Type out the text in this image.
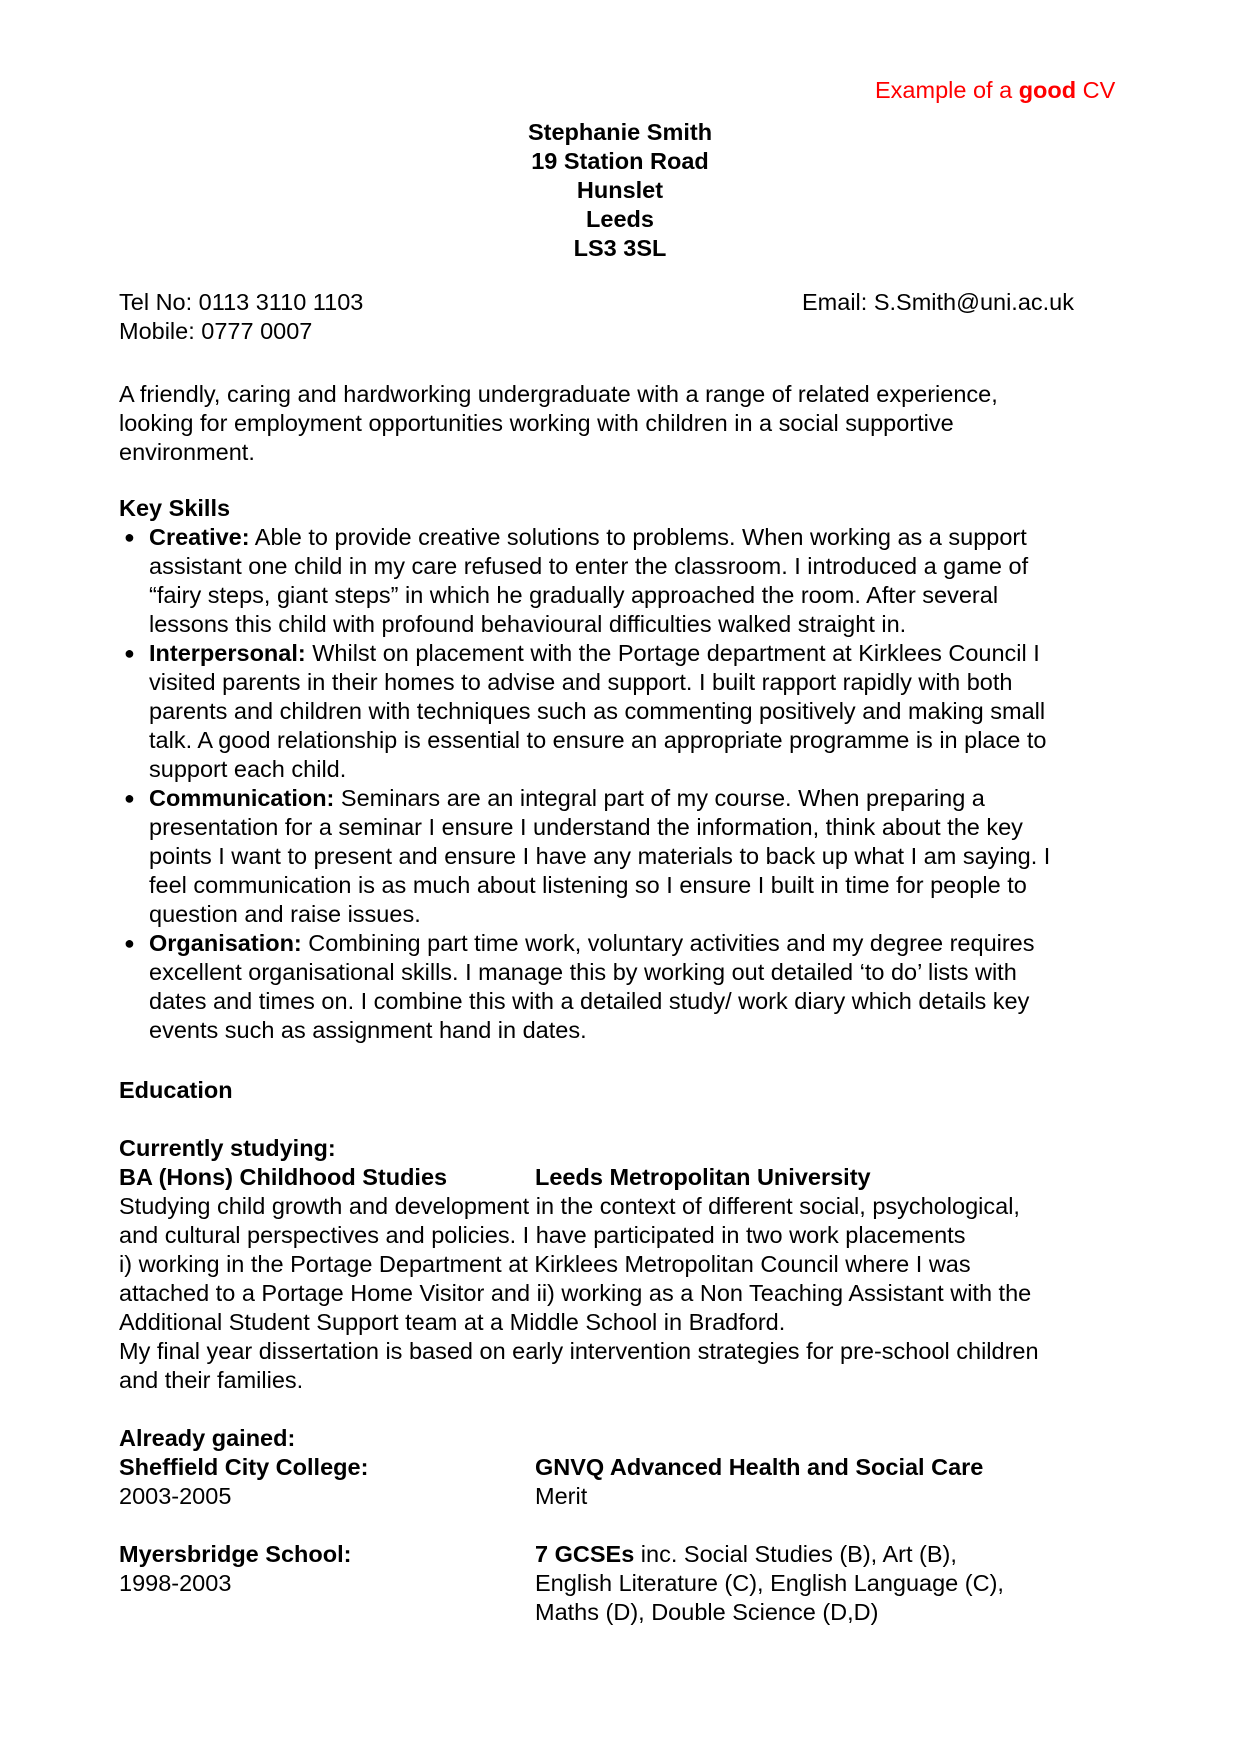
Example of a good CV
Stephanie Smith
19 Station Road
Hunslet
Leeds
LS3 3SL
Tel No: 0113 3110 1103	Email: S.Smith@uni.ac.uk
Mobile: 0777 0007
A friendly, caring and hardworking undergraduate with a range of related experience,
looking for employment opportunities working with children in a social supportive
environment.
Key Skills
● Creative: Able to provide creative solutions to problems. When working as a support
assistant one child in my care refused to enter the classroom. I introduced a game of
“fairy steps, giant steps” in which he gradually approached the room. After several
lessons this child with profound behavioural difficulties walked straight in.
● Interpersonal: Whilst on placement with the Portage department at Kirklees Council I
visited parents in their homes to advise and support. I built rapport rapidly with both
parents and children with techniques such as commenting positively and making small
talk. A good relationship is essential to ensure an appropriate programme is in place to
support each child.
● Communication: Seminars are an integral part of my course. When preparing a
presentation for a seminar I ensure I understand the information, think about the key
points I want to present and ensure I have any materials to back up what I am saying. I
feel communication is as much about listening so I ensure I built in time for people to
question and raise issues.
● Organisation: Combining part time work, voluntary activities and my degree requires
excellent organisational skills. I manage this by working out detailed ‘to do’ lists with
dates and times on. I combine this with a detailed study/ work diary which details key
events such as assignment hand in dates.
Education
Currently studying:
BA (Hons) Childhood Studies	Leeds Metropolitan University
Studying child growth and development in the context of different social, psychological,
and cultural perspectives and policies. I have participated in two work placements
i) working in the Portage Department at Kirklees Metropolitan Council where I was
attached to a Portage Home Visitor and ii) working as a Non Teaching Assistant with the
Additional Student Support team at a Middle School in Bradford.
My final year dissertation is based on early intervention strategies for pre-school children
and their families.
Already gained:
Sheffield City College:	GNVQ Advanced Health and Social Care
2003-2005	Merit
Myersbridge School:	7 GCSEs inc. Social Studies (B), Art (B),
1998-2003	English Literature (C), English Language (C),
Maths (D), Double Science (D,D)
